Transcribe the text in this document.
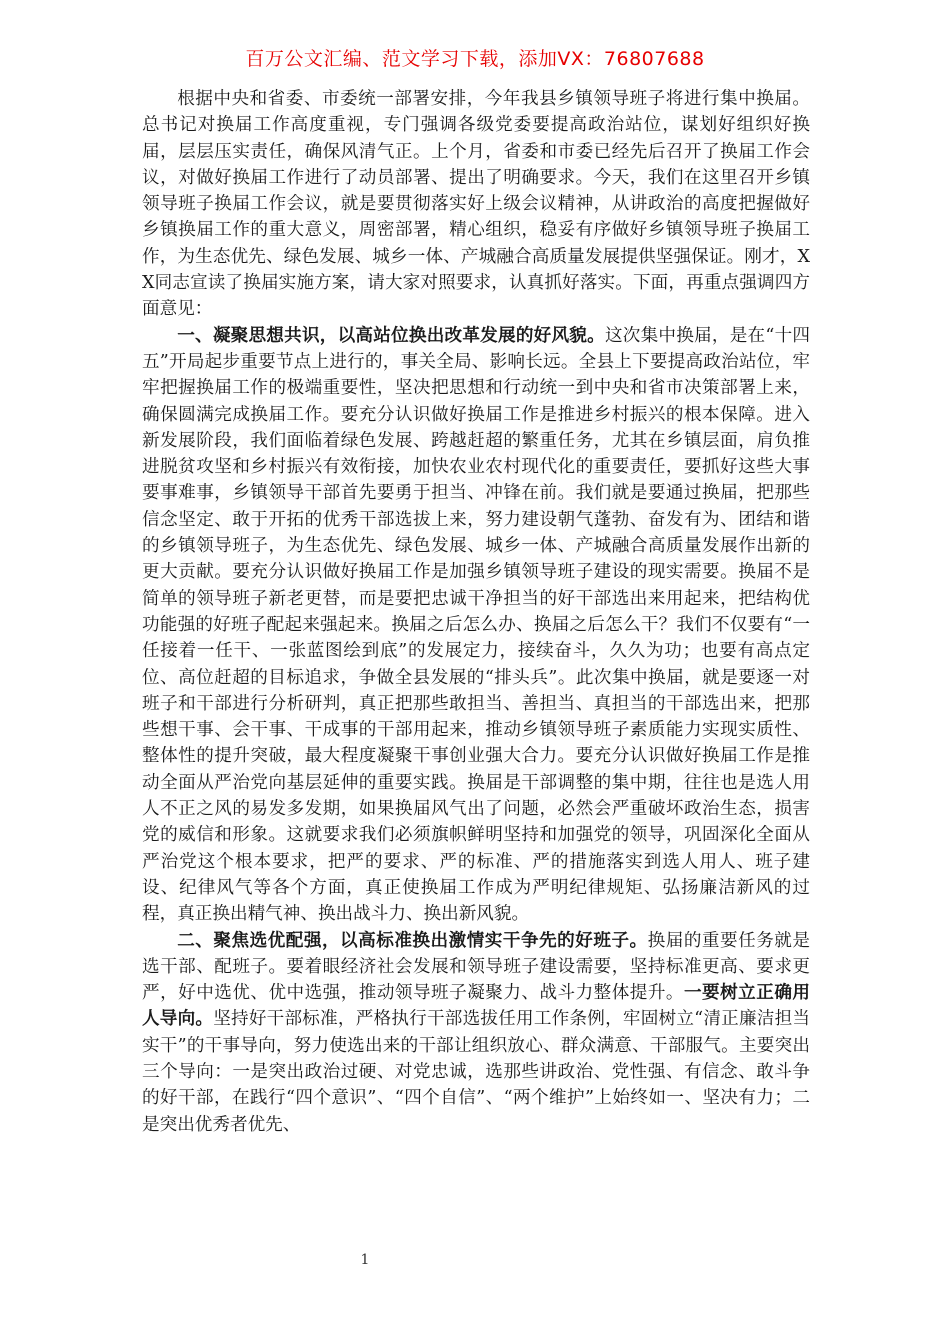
百万公文汇编、范文学习下载，添加VX：76807688

根据中央和省委、市委统一部署安排，今年我县乡镇领导班子将进行集中换届。总书记对换届工作高度重视，专门强调各级党委要提高政治站位，谋划好组织好换届，层层压实责任，确保风清气正。上个月，省委和市委已经先后召开了换届工作会议，对做好换届工作进行了动员部署、提出了明确要求。今天，我们在这里召开乡镇领导班子换届工作会议，就是要贯彻落实好上级会议精神，从讲政治的高度把握做好乡镇换届工作的重大意义，周密部署，精心组织，稳妥有序做好乡镇领导班子换届工作，为生态优先、绿色发展、城乡一体、产城融合高质量发展提供坚强保证。刚才，XX同志宣读了换届实施方案，请大家对照要求，认真抓好落实。下面，再重点强调四方面意见：

一、凝聚思想共识，以高站位换出改革发展的好风貌。这次集中换届，是在“十四五”开局起步重要节点上进行的，事关全局、影响长远。全县上下要提高政治站位，牢牢把握换届工作的极端重要性，坚决把思想和行动统一到中央和省市决策部署上来，确保圆满完成换届工作。要充分认识做好换届工作是推进乡村振兴的根本保障。进入新发展阶段，我们面临着绿色发展、跨越赶超的繁重任务，尤其在乡镇层面，肩负推进脱贫攻坚和乡村振兴有效衔接，加快农业农村现代化的重要责任，要抓好这些大事要事难事，乡镇领导干部首先要勇于担当、冲锋在前。我们就是要通过换届，把那些信念坚定、敢于开拓的优秀干部选拔上来，努力建设朝气蓬勃、奋发有为、团结和谐的乡镇领导班子，为生态优先、绿色发展、城乡一体、产城融合高质量发展作出新的更大贡献。要充分认识做好换届工作是加强乡镇领导班子建设的现实需要。换届不是简单的领导班子新老更替，而是要把忠诚干净担当的好干部选出来用起来，把结构优功能强的好班子配起来强起来。换届之后怎么办、换届之后怎么干？我们不仅要有“一任接着一任干、一张蓝图绘到底”的发展定力，接续奋斗，久久为功；也要有高点定位、高位赶超的目标追求，争做全县发展的“排头兵”。此次集中换届，就是要逐一对班子和干部进行分析研判，真正把那些敢担当、善担当、真担当的干部选出来，把那些想干事、会干事、干成事的干部用起来，推动乡镇领导班子素质能力实现实质性、整体性的提升突破，最大程度凝聚干事创业强大合力。要充分认识做好换届工作是推动全面从严治党向基层延伸的重要实践。换届是干部调整的集中期，往往也是选人用人不正之风的易发多发期，如果换届风气出了问题，必然会严重破坏政治生态，损害党的威信和形象。这就要求我们必须旗帜鲜明坚持和加强党的领导，巩固深化全面从严治党这个根本要求，把严的要求、严的标准、严的措施落实到选人用人、班子建设、纪律风气等各个方面，真正使换届工作成为严明纪律规矩、弘扬廉洁新风的过程，真正换出精气神、换出战斗力、换出新风貌。

二、聚焦选优配强，以高标准换出激情实干争先的好班子。换届的重要任务就是选干部、配班子。要着眼经济社会发展和领导班子建设需要，坚持标准更高、要求更严，好中选优、优中选强，推动领导班子凝聚力、战斗力整体提升。一要树立正确用人导向。坚持好干部标准，严格执行干部选拔任用工作条例，牢固树立“清正廉洁担当实干”的干事导向，努力使选出来的干部让组织放心、群众满意、干部服气。主要突出三个导向：一是突出政治过硬、对党忠诚，选那些讲政治、党性强、有信念、敢斗争的好干部，在践行“四个意识”、“四个自信”、“两个维护”上始终如一、坚决有力；二是突出优秀者优先、

1
